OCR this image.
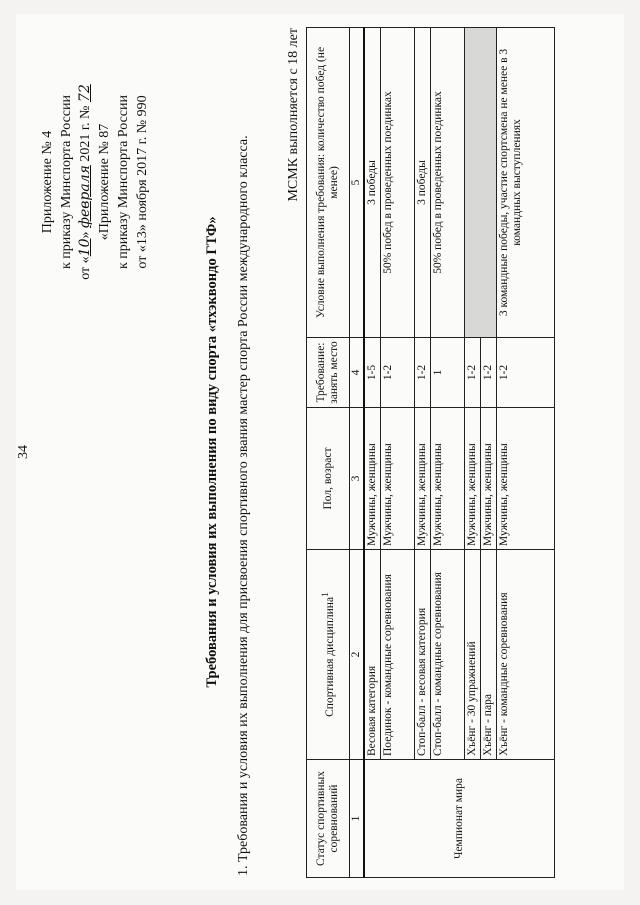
34
Приложение № 4 к приказу Минспорта России от «10» февраля 2021 г. № 72
«Приложение № 87 к приказу Минспорта России от «13» ноября 2017 г. № 990
Требования и условия их выполнения по виду спорта «тхэквондо ГТФ» 1. Требования и условия их выполнения для присвоения спортивного звания мастер спорта России международного класса.
МСМК выполняется с 18 лет
Статус спортивных соревнований	Спортивная дисциплина$^1$	Пол, возраст	Требование: занять место	Условие выполнения требования: количество побед (не менее)
1	2	3	4	5
Чемпионат мира	Весовая категория	Мужчины, женщины	1-5	3 победы
	Поединок - командные соревнования	Мужчины, женщины	1-2	50% побед в проведенных поединках
	Стоп-балл - весовая категория	Мужчины, женщины	1-2	3 победы
	Стоп-балл - командные соревнования	Мужчины, женщины	1	50% побед в проведенных поединках
	Хъёнг - 30 упражнений	Мужчины, женщины	1-2	
	Хъёнг - пара	Мужчины, женщины	1-2	
	Хъёнг - командные соревнования	Мужчины, женщины	1-2	3 командные победы, участие спортсмена не менее в 3 командных выступлениях
